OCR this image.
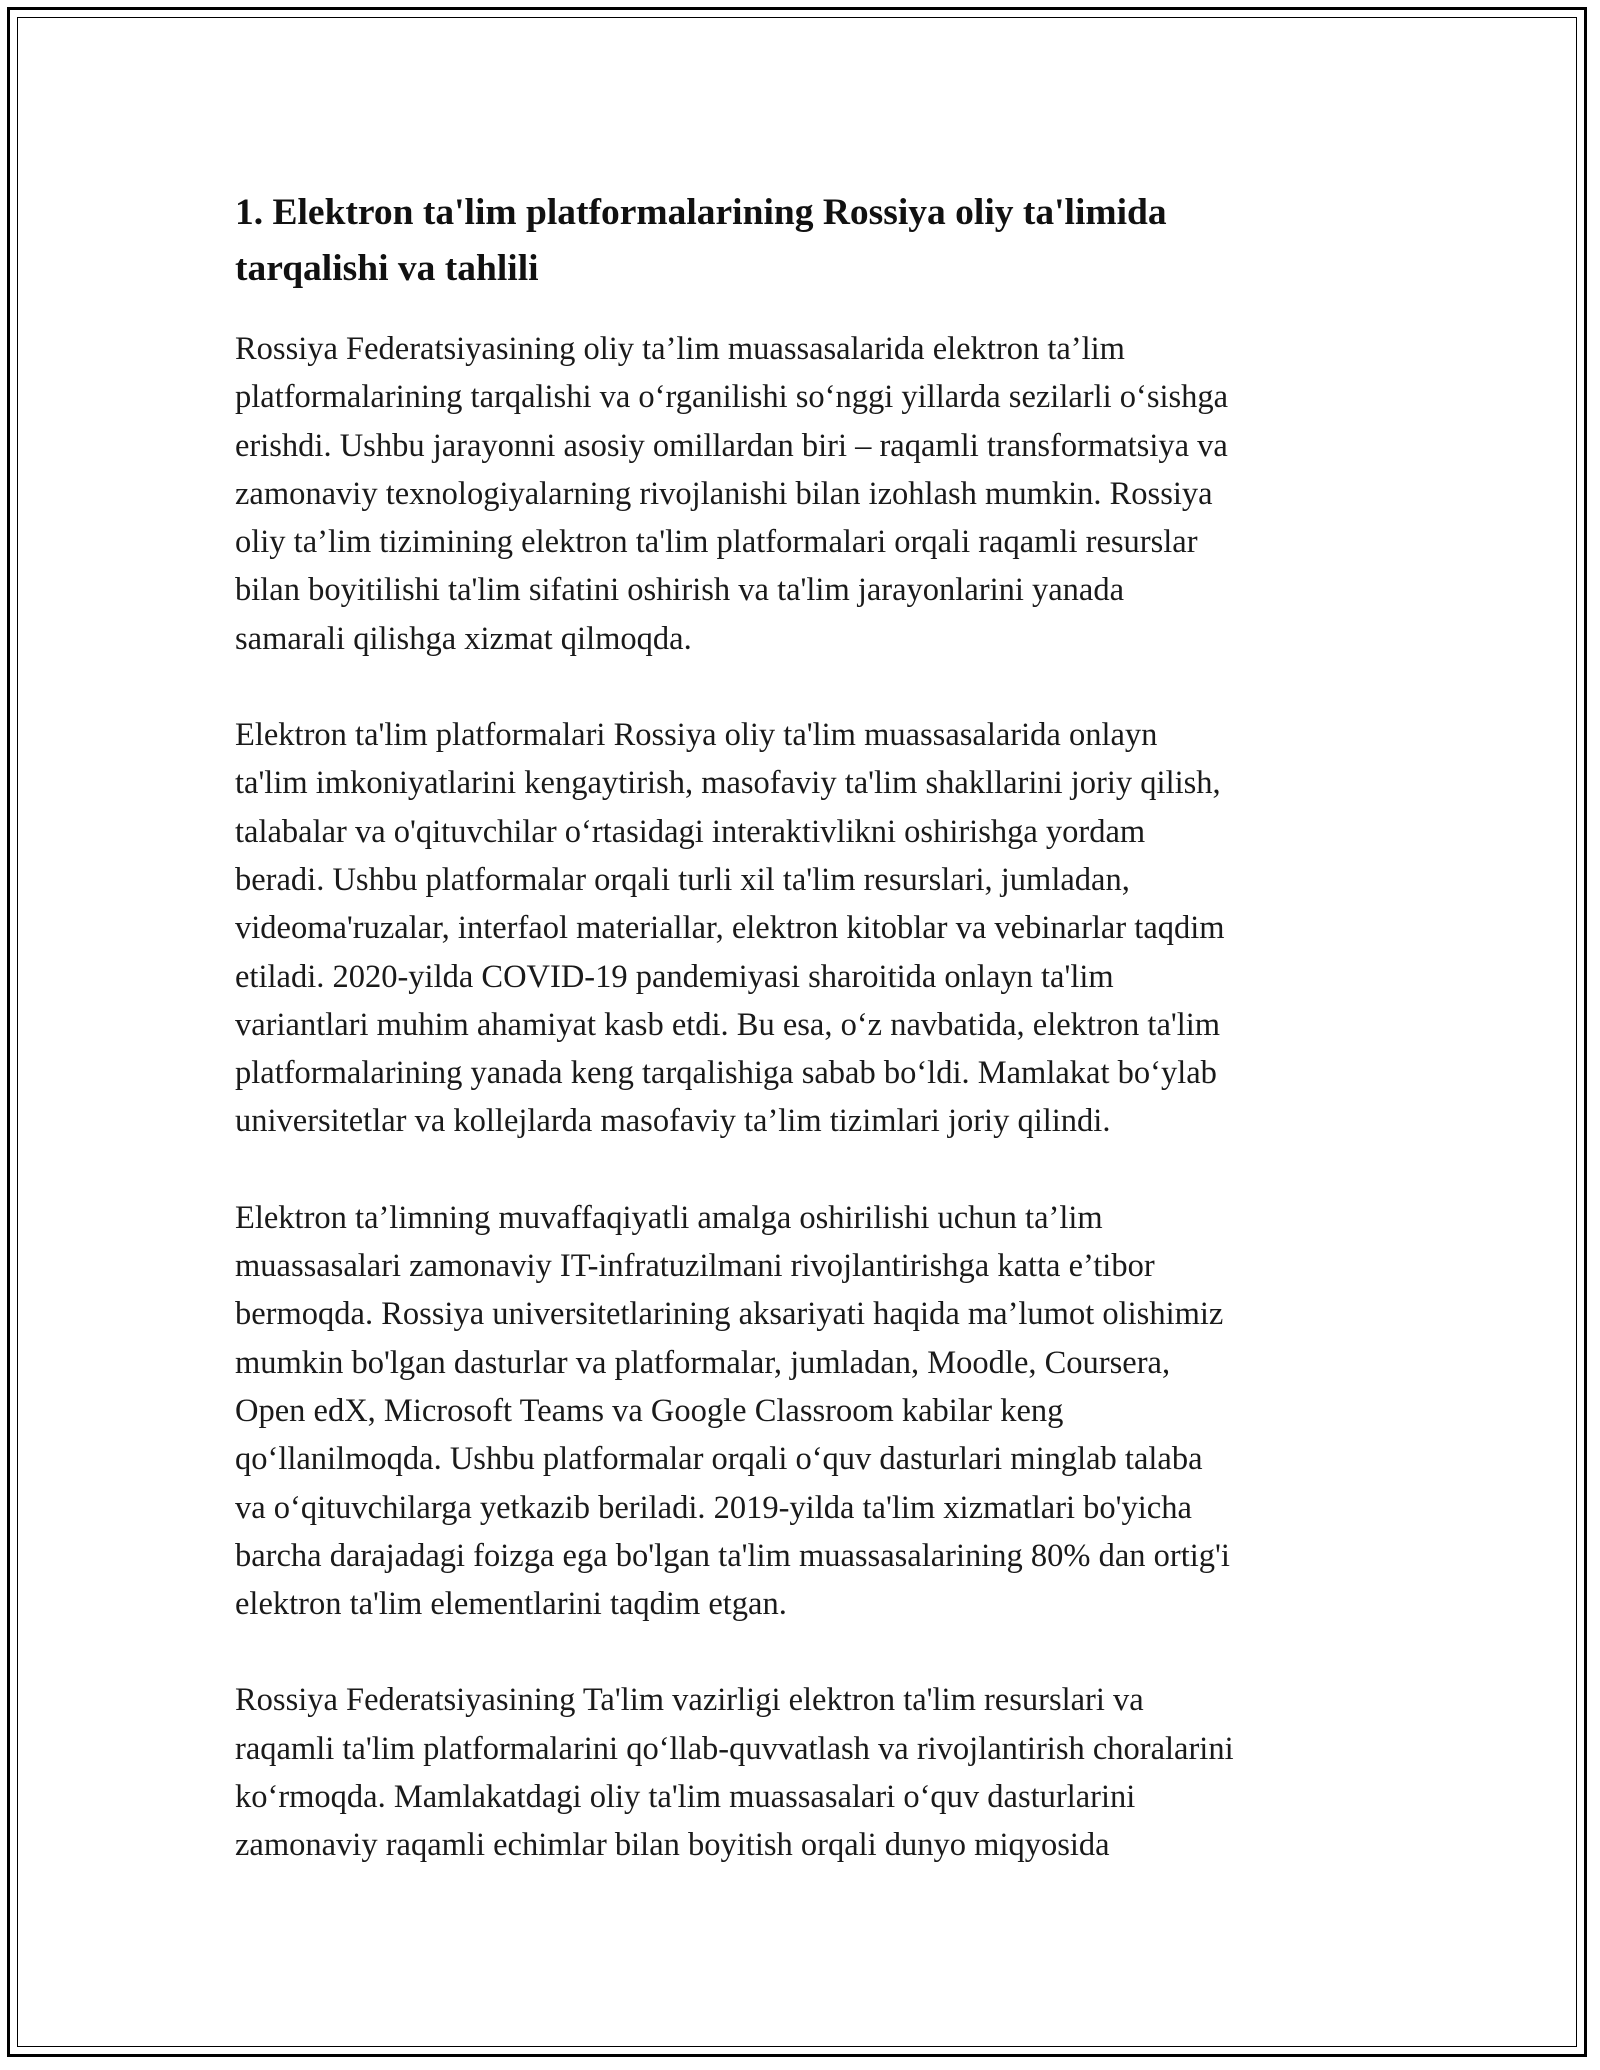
1. Elektron ta'lim platformalarining Rossiya oliy ta'limida
tarqalishi va tahlili

Rossiya Federatsiyasining oliy ta’lim muassasalarida elektron ta’lim
platformalarining tarqalishi va o‘rganilishi so‘nggi yillarda sezilarli o‘sishga
erishdi. Ushbu jarayonni asosiy omillardan biri – raqamli transformatsiya va
zamonaviy texnologiyalarning rivojlanishi bilan izohlash mumkin. Rossiya
oliy ta’lim tizimining elektron ta'lim platformalari orqali raqamli resurslar
bilan boyitilishi ta'lim sifatini oshirish va ta'lim jarayonlarini yanada
samarali qilishga xizmat qilmoqda.

Elektron ta'lim platformalari Rossiya oliy ta'lim muassasalarida onlayn
ta'lim imkoniyatlarini kengaytirish, masofaviy ta'lim shakllarini joriy qilish,
talabalar va o'qituvchilar o‘rtasidagi interaktivlikni oshirishga yordam
beradi. Ushbu platformalar orqali turli xil ta'lim resurslari, jumladan,
videoma'ruzalar, interfaol materiallar, elektron kitoblar va vebinarlar taqdim
etiladi. 2020-yilda COVID-19 pandemiyasi sharoitida onlayn ta'lim
variantlari muhim ahamiyat kasb etdi. Bu esa, o‘z navbatida, elektron ta'lim
platformalarining yanada keng tarqalishiga sabab bo‘ldi. Mamlakat bo‘ylab
universitetlar va kollejlarda masofaviy ta’lim tizimlari joriy qilindi.

Elektron ta’limning muvaffaqiyatli amalga oshirilishi uchun ta’lim
muassasalari zamonaviy IT-infratuzilmani rivojlantirishga katta e’tibor
bermoqda. Rossiya universitetlarining aksariyati haqida ma’lumot olishimiz
mumkin bo'lgan dasturlar va platformalar, jumladan, Moodle, Coursera,
Open edX, Microsoft Teams va Google Classroom kabilar keng
qo‘llanilmoqda. Ushbu platformalar orqali o‘quv dasturlari minglab talaba
va o‘qituvchilarga yetkazib beriladi. 2019-yilda ta'lim xizmatlari bo'yicha
barcha darajadagi foizga ega bo'lgan ta'lim muassasalarining 80% dan ortig'i
elektron ta'lim elementlarini taqdim etgan.

Rossiya Federatsiyasining Ta'lim vazirligi elektron ta'lim resurslari va
raqamli ta'lim platformalarini qo‘llab-quvvatlash va rivojlantirish choralarini
ko‘rmoqda. Mamlakatdagi oliy ta'lim muassasalari o‘quv dasturlarini
zamonaviy raqamli echimlar bilan boyitish orqali dunyo miqyosida
